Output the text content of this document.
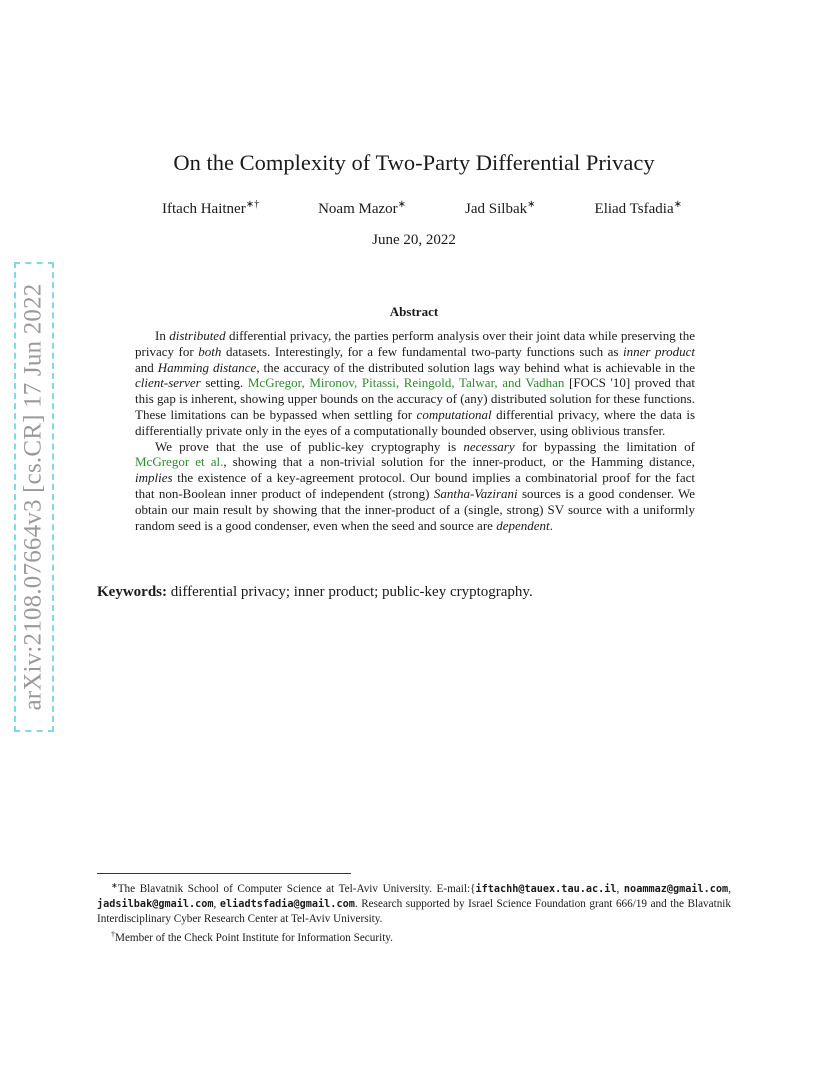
arXiv:2108.07664v3 [cs.CR] 17 Jun 2022
On the Complexity of Two-Party Differential Privacy
Iftach Haitner∗†	Noam Mazor∗	Jad Silbak∗	Eliad Tsfadia∗
June 20, 2022
Abstract

In distributed differential privacy, the parties perform analysis over their joint data while preserving the privacy for both datasets. Interestingly, for a few fundamental two-party functions such as inner product and Hamming distance, the accuracy of the distributed solution lags way behind what is achievable in the client-server setting. McGregor, Mironov, Pitassi, Reingold, Talwar, and Vadhan [FOCS '10] proved that this gap is inherent, showing upper bounds on the accuracy of (any) distributed solution for these functions. These limitations can be bypassed when settling for computational differential privacy, where the data is differentially private only in the eyes of a computationally bounded observer, using oblivious transfer.

We prove that the use of public-key cryptography is necessary for bypassing the limitation of McGregor et al., showing that a non-trivial solution for the inner-product, or the Hamming distance, implies the existence of a key-agreement protocol. Our bound implies a combinatorial proof for the fact that non-Boolean inner product of independent (strong) Santha-Vazirani sources is a good condenser. We obtain our main result by showing that the inner-product of a (single, strong) SV source with a uniformly random seed is a good condenser, even when the seed and source are dependent.

Keywords: differential privacy; inner product; public-key cryptography.

∗The Blavatnik School of Computer Science at Tel-Aviv University. E-mail:{iftachh@tauex.tau.ac.il, noammaz@gmail.com, jadsilbak@gmail.com, eliadtsfadia@gmail.com. Research supported by Israel Science Foundation grant 666/19 and the Blavatnik Interdisciplinary Cyber Research Center at Tel-Aviv University.

†Member of the Check Point Institute for Information Security.
